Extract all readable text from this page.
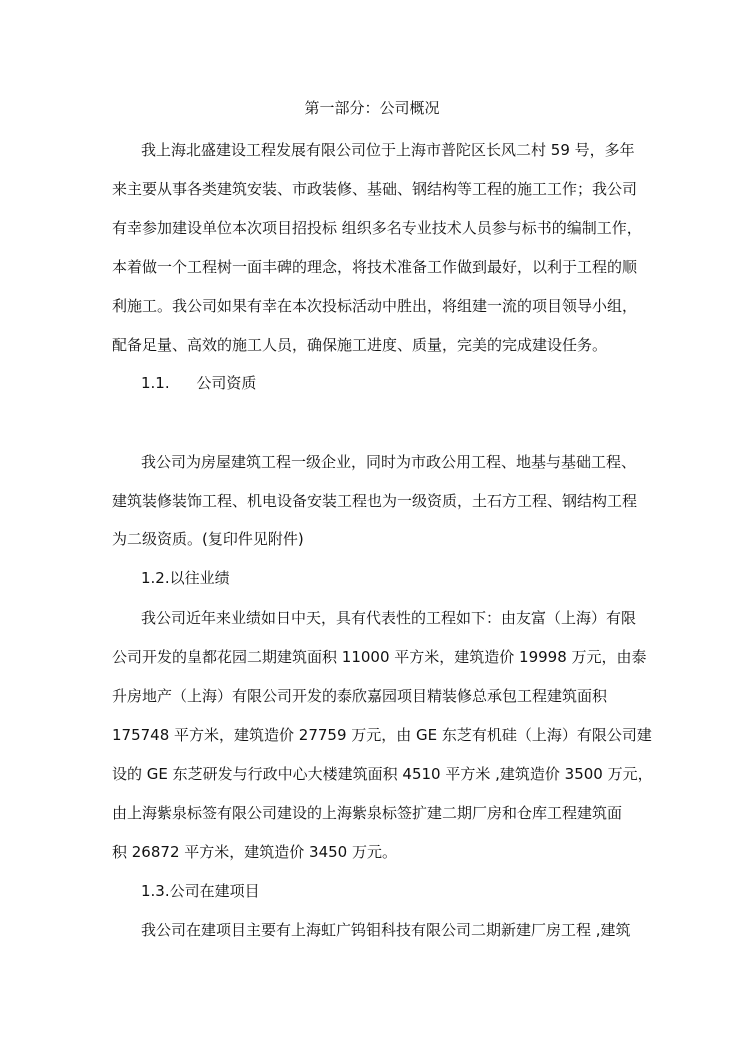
第一部分：公司概况
我上海北盛建设工程发展有限公司位于上海市普陀区长风二村 59 号，多年
来主要从事各类建筑安装、市政装修、基础、钢结构等工程的施工工作；我公司
有幸参加建设单位本次项目招投标 组织多名专业技术人员参与标书的编制工作，
本着做一个工程树一面丰碑的理念，将技术准备工作做到最好，以利于工程的顺
利施工。我公司如果有幸在本次投标活动中胜出，将组建一流的项目领导小组，
配备足量、高效的施工人员，确保施工进度、质量，完美的完成建设任务。
1.1. 公司资质
我公司为房屋建筑工程一级企业，同时为市政公用工程、地基与基础工程、
建筑装修装饰工程、机电设备安装工程也为一级资质，土石方工程、钢结构工程
为二级资质。(复印件见附件)
1.2.以往业绩
我公司近年来业绩如日中天，具有代表性的工程如下：由友富（上海）有限
公司开发的皇都花园二期建筑面积 11000 平方米，建筑造价 19998 万元，由泰
升房地产（上海）有限公司开发的泰欣嘉园项目精装修总承包工程建筑面积
175748 平方米，建筑造价 27759 万元，由 GE 东芝有机硅（上海）有限公司建
设的 GE 东芝研发与行政中心大楼建筑面积 4510 平方米 ,建筑造价 3500 万元，
由上海紫泉标签有限公司建设的上海紫泉标签扩建二期厂房和仓库工程建筑面
积 26872 平方米，建筑造价 3450 万元。
1.3.公司在建项目
我公司在建项目主要有上海虹广钨钼科技有限公司二期新建厂房工程 ,建筑
